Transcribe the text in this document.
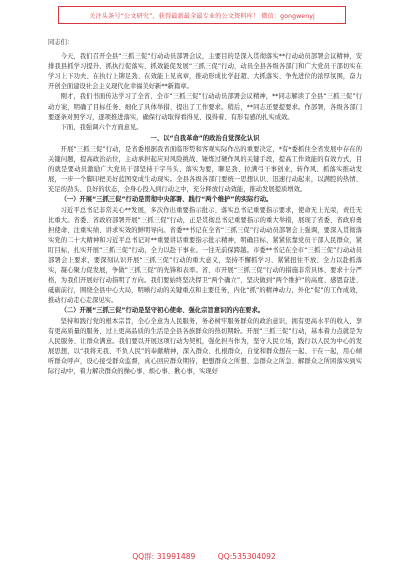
关注头条号“公文研究”，获得最新最全最专业的公文资料库！ 微信：gongwenyj

同志们：

今天，我们召开全县“三抓三促”行动动员部署会议，主要目的是深入贯彻落实**行动动员部署会议精神，安排我县抓学习提升、抓执行促落实、抓效能促发展“三抓三促”行动，动员全县各级各部门和广大党员干部切实在学习上下功夫、在执行上铆足劲、在效能上见真章，推动形成比学赶超、大抓落实、争先进位的浓厚氛围，奋力开创全面建设社会主义现代化幸福美好新**新篇章。

刚才，我们书面传达学习了全省、全市“三抓三促”行动动员部署会议精神，**同志解读了全县“三抓三促”行动方案，明确了目标任务、细化了具体举措、提出了工作要求。稍后，**同志还要提要求。作部署，各级各部门要逐条对照学习，逐项推进落实，确保行动取得看得见、摸得着、有形有感的扎实成效。

下面，我强调六个方面意见。

一、以“自我革命”的政治自觉深化认识

开展“三抓三促”行动，是省委根据我省面临形势和客观实际作出的重要决定，*有*委抓住全省发展中存在的关键问题，提高政治站位，主动承担起应对风险挑战、锤炼过硬作风的关键手段，提高工作效能的有效方式，目的就是要动员激励广大党员干部坚持干字当头、落实为要，聊足劲、拉满弓干事创业，转作风、抓落实推动发展，一步一个脚印把美好蓝图变成生动现实。全县各级各部门要统一思想认识、迅速行动起来，以满腔的热情、充足的劲头、良好的状态，全身心投入到行动之中，充分释放行动效能，推动发展提质增效。

（一）开展“三抓三促”行动是贯彻中央部署、践行“两个维护”的实际行动。

习近平总书记非常关心**发展，多次作出重要指示批示、落实总书记重要指示要求，使命无上光荣，责任无比重大。省委、省政府部署开展“三抓三促”行动，正是贯彻总书记重要指示的重大举措，展现了省委、省政府勇担使命、注重实绩、讲求实效的鲜明导向。省委**书记在全省“三抓三促”行动动员部署会上强调，要深入贯彻落实党的二十大精神和习近平总书记对**重要讲话重要指示批示精神，明确目标、紧紧依靠党员干部人民群众，紧盯目标，扎实开展“三抓三促”行动，全力以赴干事业。一往无前保跨越。市委**书记在全市“三抓三促”行动动员部署会上要求，要深刻认识开展“三抓三促”行动的重大意义，坚持不懈抓学习、紧紧扭住不放、全力以赴抓落实，凝心聚力促发展，争做“三抓三促”的先锋和表率。省、市开展“三抓三促”行动的措施非常具体、要求十分严格，为我们开展好行动指明了方向。我们要始终坚决捍卫“两个确立”、坚决做到“两个维护”的高度、感恩奋进、砥砺前行，围绕全县中心大局，明晰行动的关键重点和主要任务，内化“抓”的精神动力，外化“促”的工作成效，推动行动走心走深见实。

（二）开展“三抓三促”行动是坚守初心使命、强化宗旨意识的内在要求。

坚持和践行党的根本宗旨，全心全意为人民服务，务必树牢服务群众的政治意识，拥有更高水平的收入、享有更高质量的服务、过上更高品质的生活是全县各族群众的热切期盼。开展“三抓三促”行动，基本着力点就是为人民服务、让群众满意。我们要以开展这项行动为契机，强化担当作为，坚守人民立场，践行以人民为中心的发展思想，以“我将无我、不负人民”的奉献精神，深入群众、扎根群众，自觉和群众想在一起、干在一起，用心倾听群众呼声，设心接受群众监督，真心回应群众期待，把想群众之所想、急群众之所急、解群众之所困落实到实际行动中，着力解决群众的操心事、烦心事、揪心事，实现好

QQ群: 31991489	QQ:535304092
